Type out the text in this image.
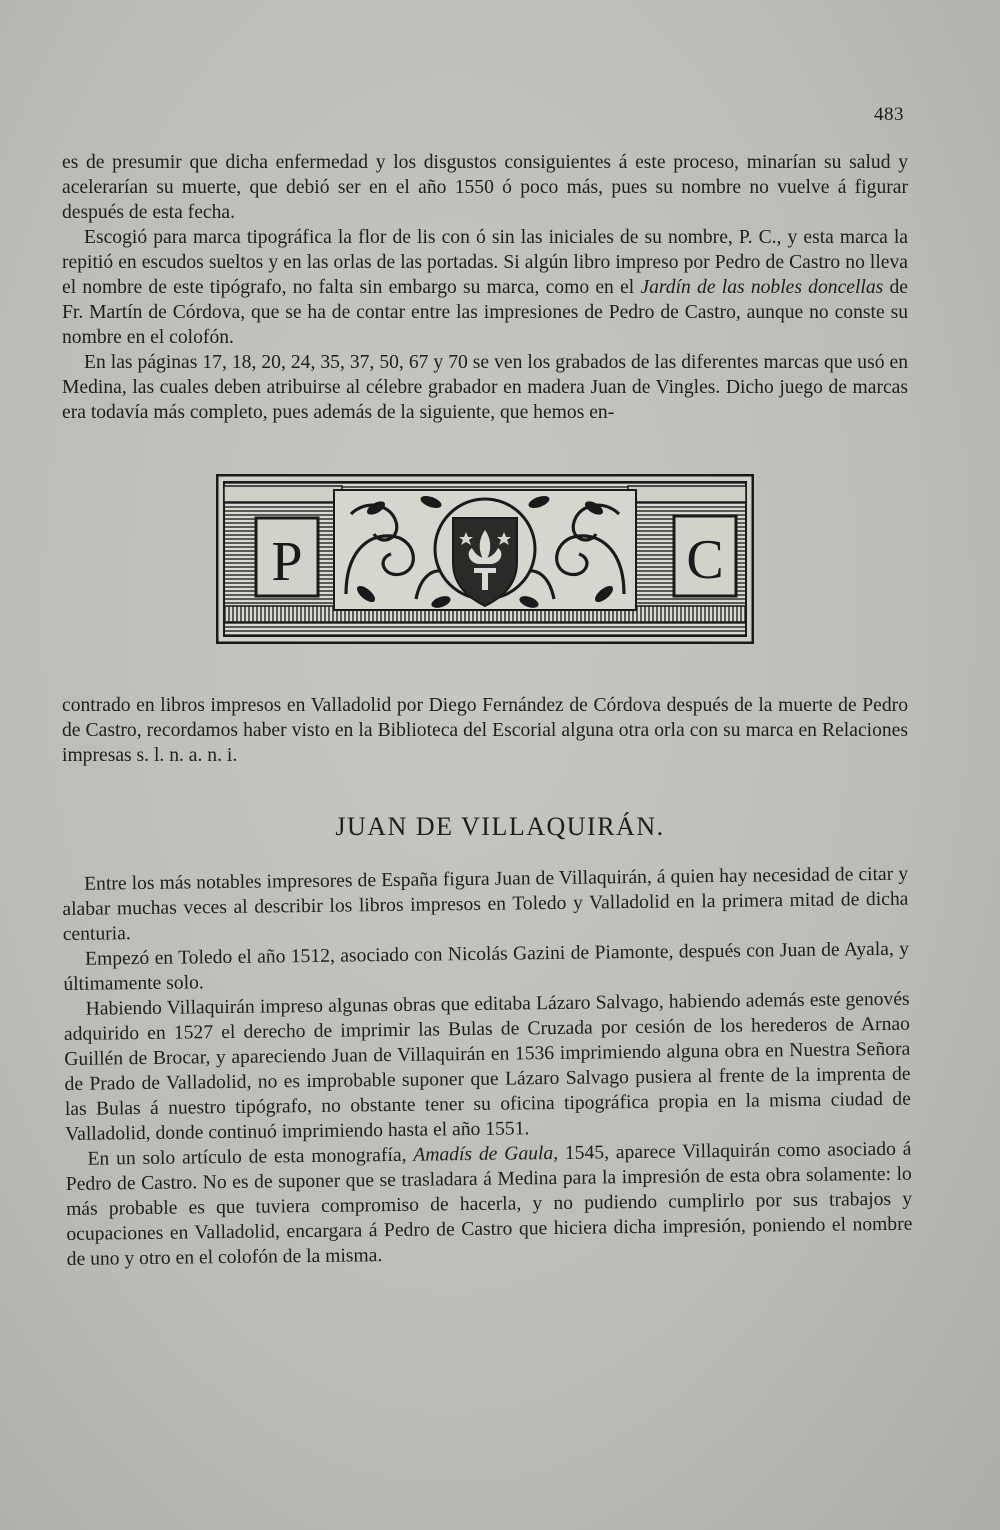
483

es de presumir que dicha enfermedad y los disgustos consiguientes á este proceso, minarían su salud y acelerarían su muerte, que debió ser en el año 1550 ó poco más, pues su nombre no vuelve á figurar después de esta fecha.

Escogió para marca tipográfica la flor de lis con ó sin las iniciales de su nombre, P. C., y esta marca la repitió en escudos sueltos y en las orlas de las portadas. Si algún libro impreso por Pedro de Castro no lleva el nombre de este tipógrafo, no falta sin embargo su marca, como en el Jardín de las nobles doncellas de Fr. Martín de Córdova, que se ha de contar entre las impresiones de Pedro de Castro, aunque no conste su nombre en el colofón.

En las páginas 17, 18, 20, 24, 35, 37, 50, 67 y 70 se ven los grabados de las diferentes marcas que usó en Medina, las cuales deben atribuirse al célebre grabador en madera Juan de Vingles. Dicho juego de marcas era todavía más completo, pues además de la siguiente, que hemos en-

P	C

contrado en libros impresos en Valladolid por Diego Fernández de Córdova después de la muerte de Pedro de Castro, recordamos haber visto en la Biblioteca del Escorial alguna otra orla con su marca en Relaciones impresas s. l. n. a. n. i.

JUAN DE VILLAQUIRÁN.

Entre los más notables impresores de España figura Juan de Villaquirán, á quien hay necesidad de citar y alabar muchas veces al describir los libros impresos en Toledo y Valladolid en la primera mitad de dicha centuria.

Empezó en Toledo el año 1512, asociado con Nicolás Gazini de Piamonte, después con Juan de Ayala, y últimamente solo.

Habiendo Villaquirán impreso algunas obras que editaba Lázaro Salvago, habiendo además este genovés adquirido en 1527 el derecho de imprimir las Bulas de Cruzada por cesión de los herederos de Arnao Guillén de Brocar, y apareciendo Juan de Villaquirán en 1536 imprimiendo alguna obra en Nuestra Señora de Prado de Valladolid, no es improbable suponer que Lázaro Salvago pusiera al frente de la imprenta de las Bulas á nuestro tipógrafo, no obstante tener su oficina tipográfica propia en la misma ciudad de Valladolid, donde continuó imprimiendo hasta el año 1551.

En un solo artículo de esta monografía, Amadís de Gaula, 1545, aparece Villaquirán como asociado á Pedro de Castro. No es de suponer que se trasladara á Medina para la impresión de esta obra solamente: lo más probable es que tuviera compromiso de hacerla, y no pudiendo cumplirlo por sus trabajos y ocupaciones en Valladolid, encargara á Pedro de Castro que hiciera dicha impresión, poniendo el nombre de uno y otro en el colofón de la misma.
